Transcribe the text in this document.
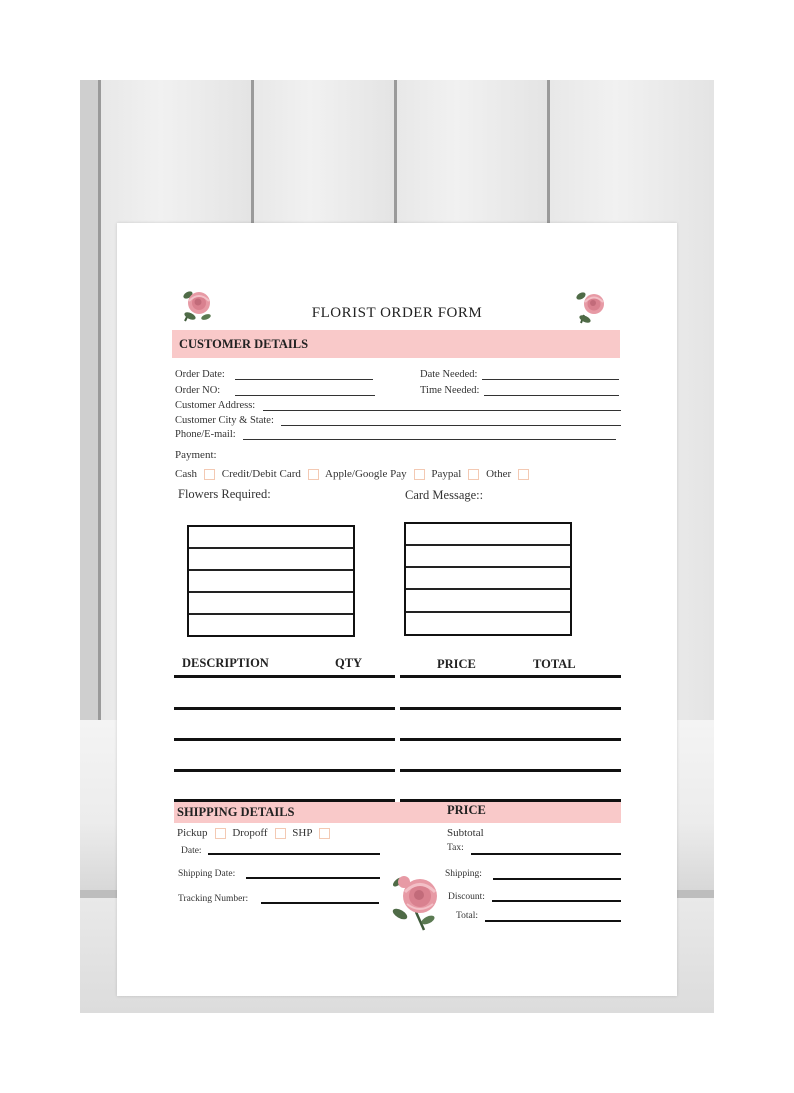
FLORIST ORDER FORM
CUSTOMER DETAILS
Order Date:
Order NO:
Date Needed:
Time Needed:
Customer Address:
Customer City & State:
Phone/E-mail:
Payment:
Cash Credit/Debit Card Apple/Google Pay Paypal Other
Flowers Required:	Card Message::
DESCRIPTION	QTY	PRICE	TOTAL
SHIPPING DETAILS	PRICE
Pickup Dropoff SHP
Date:
Shipping Date:
Tracking Number:
Subtotal
Tax:
Shipping:
Discount:
Total:
